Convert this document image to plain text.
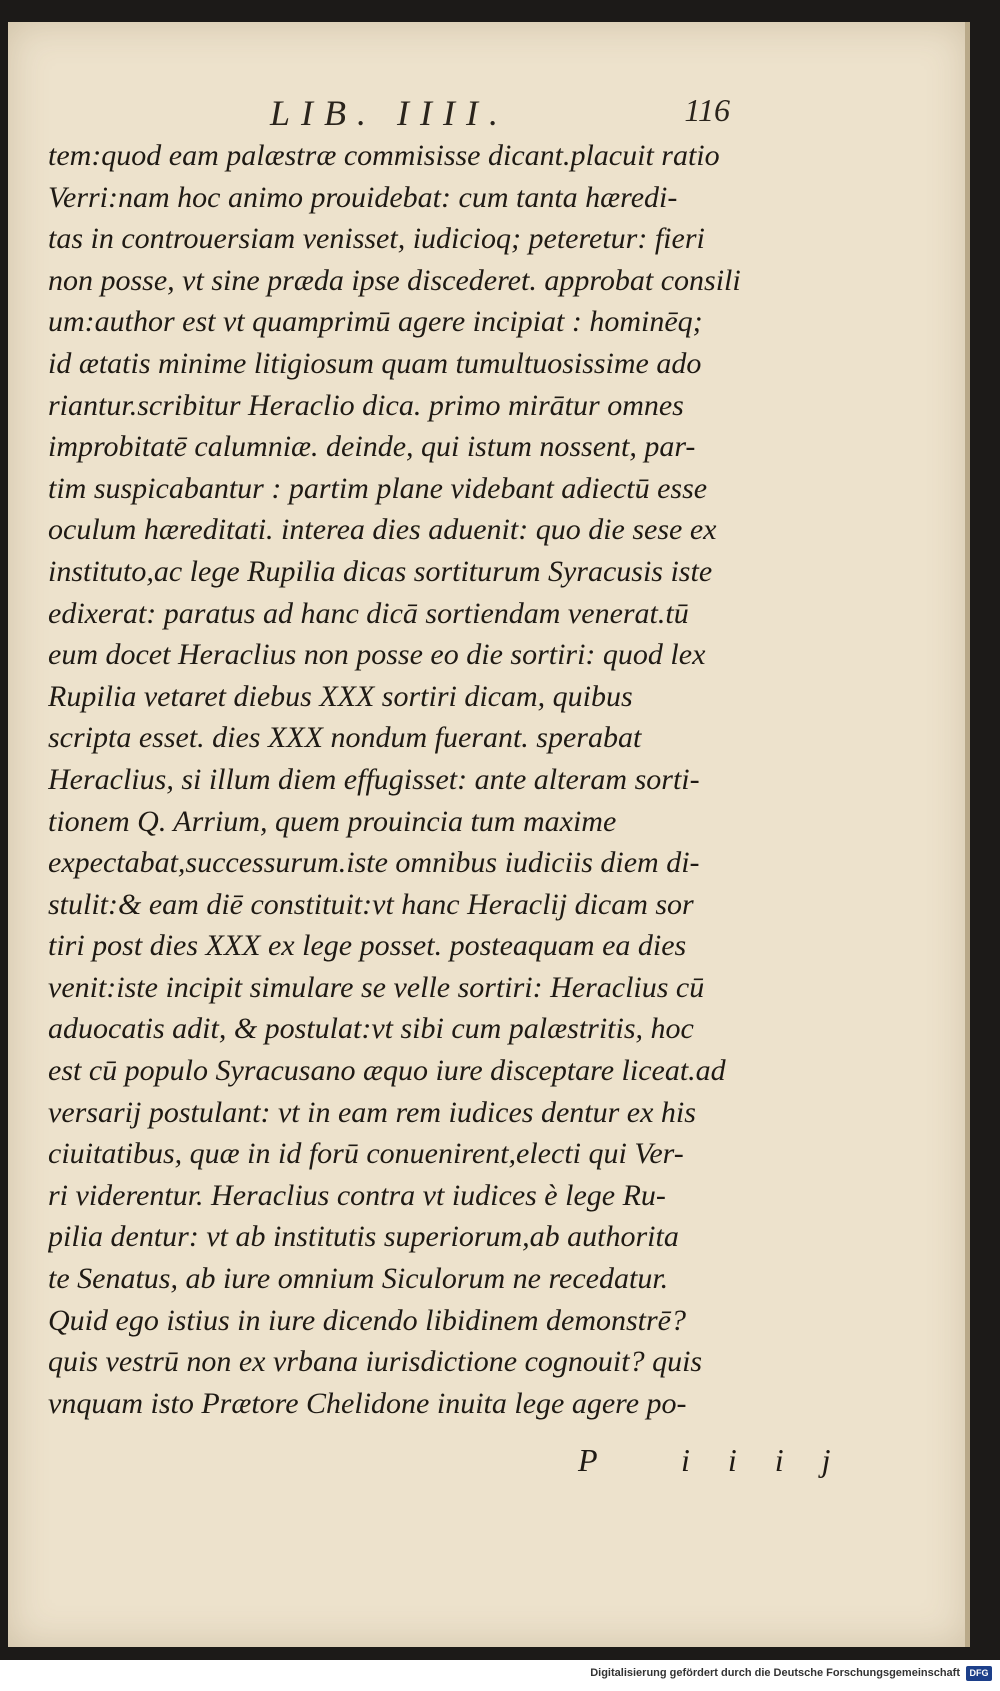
LIB. IIII.	116
tem:quod eam palæstræ commisisse dicant.placuit ratio
Verri:nam hoc animo prouidebat: cum tanta hæredi-
tas in controuersiam venisset, iudicioq; peteretur: fieri
non posse, vt sine præda ipse discederet. approbat consili
um:author est vt quamprimū agere incipiat : hominēq;
id ætatis minime litigiosum quam tumultuosissime ado
riantur.scribitur Heraclio dica. primo mirātur omnes
improbitatē calumniæ. deinde, qui istum nossent, par-
tim suspicabantur : partim plane videbant adiectū esse
oculum hæreditati. interea dies aduenit: quo die sese ex
instituto,ac lege Rupilia dicas sortiturum Syracusis iste
edixerat: paratus ad hanc dicā sortiendam venerat.tū
eum docet Heraclius non posse eo die sortiri: quod lex
Rupilia vetaret diebus XXX sortiri dicam, quibus
scripta esset. dies XXX nondum fuerant. sperabat
Heraclius, si illum diem effugisset: ante alteram sorti-
tionem Q. Arrium, quem prouincia tum maxime
expectabat,successurum.iste omnibus iudiciis diem di-
stulit:& eam diē constituit:vt hanc Heraclij dicam sor
tiri post dies XXX ex lege posset. posteaquam ea dies
venit:iste incipit simulare se velle sortiri: Heraclius cū
aduocatis adit, & postulat:vt sibi cum palæstritis, hoc
est cū populo Syracusano æquo iure disceptare liceat.ad
versarij postulant: vt in eam rem iudices dentur ex his
ciuitatibus, quæ in id forū conuenirent,electi qui Ver-
ri viderentur. Heraclius contra vt iudices è lege Ru-
pilia dentur: vt ab institutis superiorum,ab authorita
te Senatus, ab iure omnium Siculorum ne recedatur.
Quid ego istius in iure dicendo libidinem demonstrē?
quis vestrū non ex vrbana iurisdictione cognouit? quis
vnquam isto Prætore Chelidone inuita lege agere po-
P iiij
Digitalisierung gefördert durch die Deutsche Forschungsgemeinschaft	DFG
